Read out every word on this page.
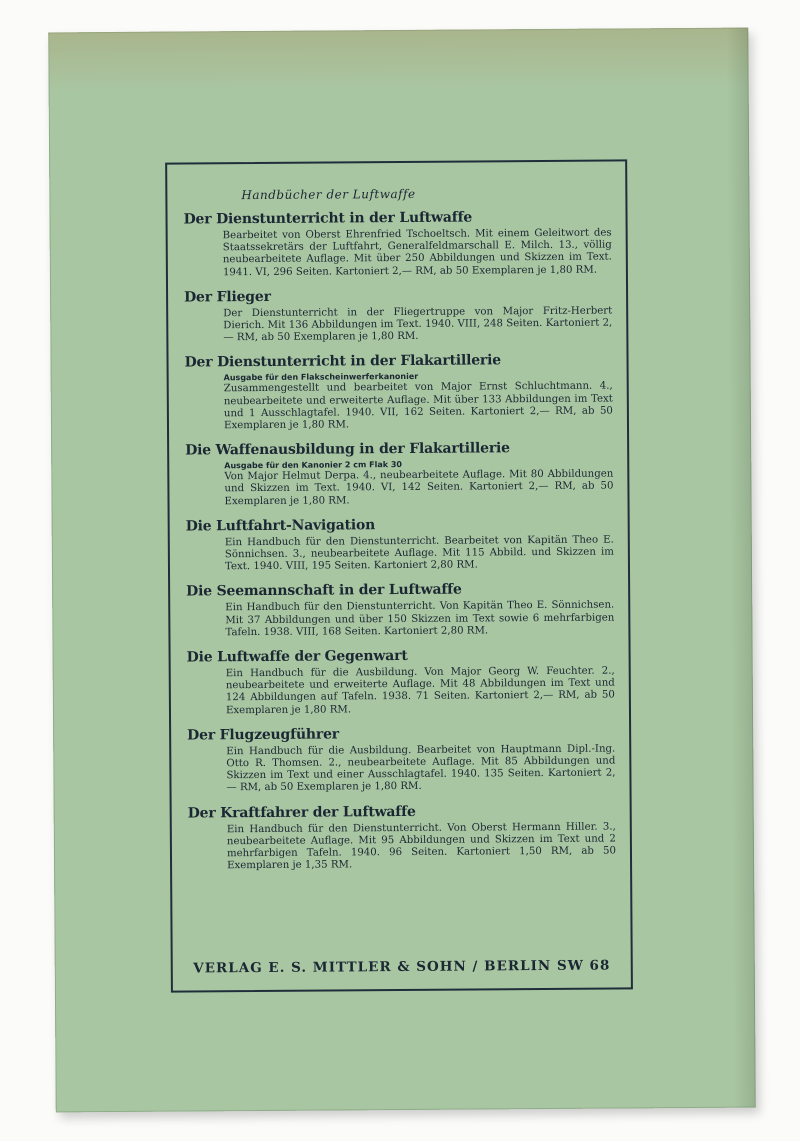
Handbücher der Luftwaffe
Der Dienstunterricht in der Luftwaffe
Bearbeitet von Oberst Ehrenfried Tschoeltsch. Mit einem Geleitwort des Staatssekretärs der Luftfahrt, Generalfeldmarschall E. Milch. 13., völlig neubearbeitete Auflage. Mit über 250 Abbildungen und Skizzen im Text. 1941. VI, 296 Seiten. Kartoniert 2,— RM, ab 50 Exemplaren je 1,80 RM.
Der Flieger
Der Dienstunterricht in der Fliegertruppe von Major Fritz-Herbert Dierich. Mit 136 Abbildungen im Text. 1940. VIII, 248 Seiten. Kartoniert 2,— RM, ab 50 Exemplaren je 1,80 RM.
Der Dienstunterricht in der Flakartillerie
Ausgabe für den Flakscheinwerferkanonier
Zusammengestellt und bearbeitet von Major Ernst Schluchtmann. 4., neubearbeitete und erweiterte Auflage. Mit über 133 Abbildungen im Text und 1 Ausschlagtafel. 1940. VII, 162 Seiten. Kartoniert 2,— RM, ab 50 Exemplaren je 1,80 RM.
Die Waffenausbildung in der Flakartillerie
Ausgabe für den Kanonier 2 cm Flak 30
Von Major Helmut Derpa. 4., neubearbeitete Auflage. Mit 80 Abbildungen und Skizzen im Text. 1940. VI, 142 Seiten. Kartoniert 2,— RM, ab 50 Exemplaren je 1,80 RM.
Die Luftfahrt-Navigation
Ein Handbuch für den Dienstunterricht. Bearbeitet von Kapitän Theo E. Sönnichsen. 3., neubearbeitete Auflage. Mit 115 Abbild. und Skizzen im Text. 1940. VIII, 195 Seiten. Kartoniert 2,80 RM.
Die Seemannschaft in der Luftwaffe
Ein Handbuch für den Dienstunterricht. Von Kapitän Theo E. Sönnichsen. Mit 37 Abbildungen und über 150 Skizzen im Text sowie 6 mehrfarbigen Tafeln. 1938. VIII, 168 Seiten. Kartoniert 2,80 RM.
Die Luftwaffe der Gegenwart
Ein Handbuch für die Ausbildung. Von Major Georg W. Feuchter. 2., neubearbeitete und erweiterte Auflage. Mit 48 Abbildungen im Text und 124 Abbildungen auf Tafeln. 1938. 71 Seiten. Kartoniert 2,— RM, ab 50 Exemplaren je 1,80 RM.
Der Flugzeugführer
Ein Handbuch für die Ausbildung. Bearbeitet von Hauptmann Dipl.-Ing. Otto R. Thomsen. 2., neubearbeitete Auflage. Mit 85 Abbildungen und Skizzen im Text und einer Ausschlagtafel. 1940. 135 Seiten. Kartoniert 2,— RM, ab 50 Exemplaren je 1,80 RM.
Der Kraftfahrer der Luftwaffe
Ein Handbuch für den Dienstunterricht. Von Oberst Hermann Hiller. 3., neubearbeitete Auflage. Mit 95 Abbildungen und Skizzen im Text und 2 mehrfarbigen Tafeln. 1940. 96 Seiten. Kartoniert 1,50 RM, ab 50 Exemplaren je 1,35 RM.
VERLAG E. S. MITTLER & SOHN / BERLIN SW 68
